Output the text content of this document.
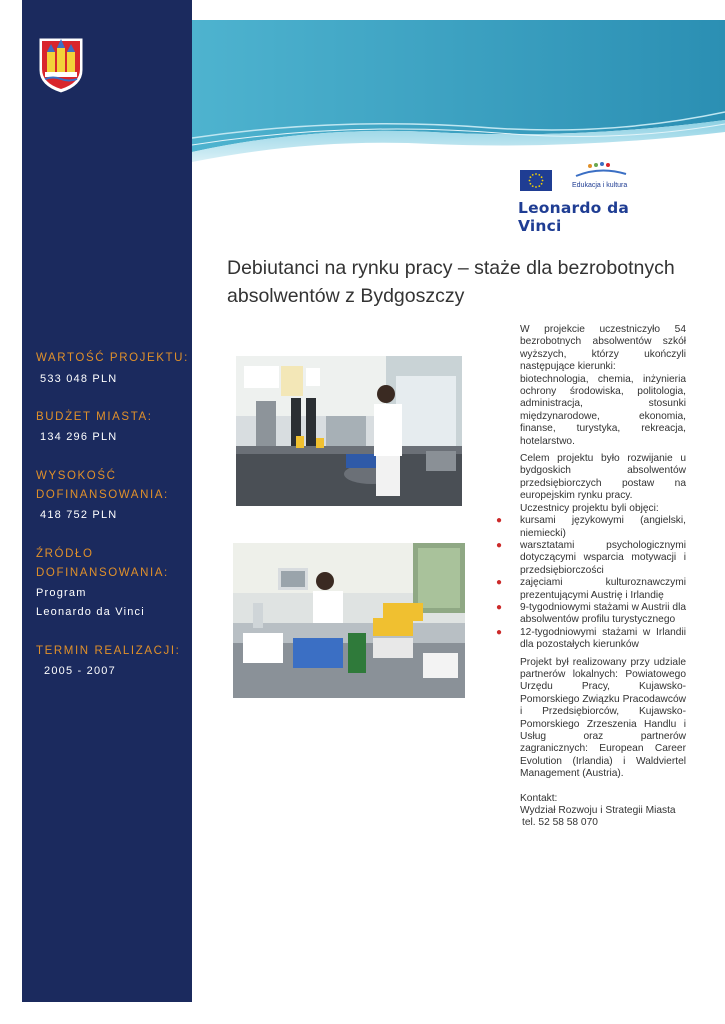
WARTOŚĆ PROJEKTU:
533 048 PLN
BUDŻET MIASTA:
134 296 PLN
WYSOKOŚĆ
DOFINANSOWANIA:
418 752 PLN
ŹRÓDŁO
DOFINANSOWANIA:
Program
Leonardo da Vinci
TERMIN REALIZACJI:
2005 - 2007
Edukacja i kultura
Leonardo da Vinci
Debiutanci na rynku pracy – staże dla bezrobotnych absolwentów z Bydgoszczy

W projekcie uczestniczyło 54 bezrobotnych absolwentów szkół wyższych, którzy ukończyli następujące kierunki:

biotechnologia, chemia, inżynieria ochrony środowiska, politologia, administracja, stosunki międzynarodowe, ekonomia, finanse, turystyka, rekreacja, hotelarstwo.

Celem projektu było rozwijanie u bydgoskich absolwentów przedsiębiorczych postaw na europejskim rynku pracy.

Uczestnicy projektu byli objęci:

● kursami językowymi (angielski, niemiecki)
● warsztatami psychologicznymi dotyczącymi wsparcia motywacji i przedsiębiorczości
● zajęciami kulturoznawczymi prezentującymi Austrię i Irlandię
● 9-tygodniowymi stażami w Austrii dla absolwentów profilu turystycznego
● 12-tygodniowymi stażami w Irlandii dla pozostałych kierunków

Projekt był realizowany przy udziale partnerów lokalnych: Powiatowego Urzędu Pracy, Kujawsko-Pomorskiego Związku Pracodawców i Przedsiębiorców, Kujawsko-Pomorskiego Zrzeszenia Handlu i Usług oraz partnerów zagranicznych: European Career Evolution (Irlandia) i Waldviertel Management (Austria).

Kontakt:

Wydział Rozwoju i Strategii Miasta

tel. 52 58 58 070
